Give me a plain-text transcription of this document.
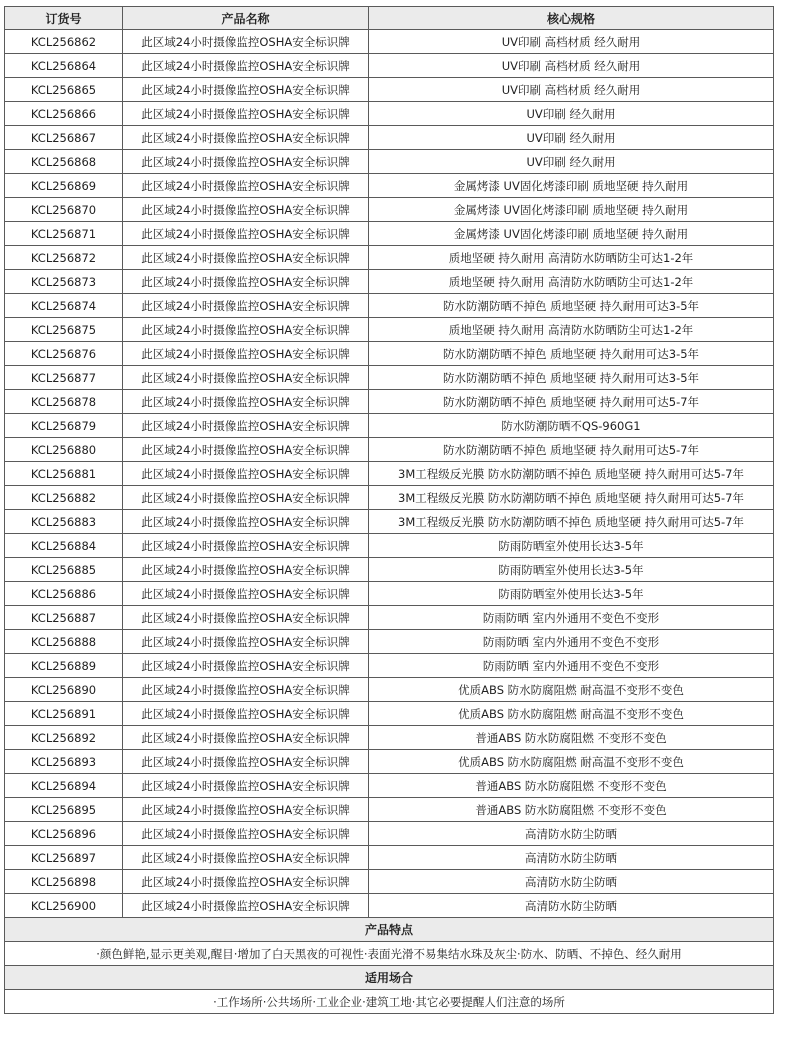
订货号	产品名称	核心规格
KCL256862	此区域24小时摄像监控OSHA安全标识牌	UV印刷 高档材质 经久耐用
KCL256864	此区域24小时摄像监控OSHA安全标识牌	UV印刷 高档材质 经久耐用
KCL256865	此区域24小时摄像监控OSHA安全标识牌	UV印刷 高档材质 经久耐用
KCL256866	此区域24小时摄像监控OSHA安全标识牌	UV印刷 经久耐用
KCL256867	此区域24小时摄像监控OSHA安全标识牌	UV印刷 经久耐用
KCL256868	此区域24小时摄像监控OSHA安全标识牌	UV印刷 经久耐用
KCL256869	此区域24小时摄像监控OSHA安全标识牌	金属烤漆 UV固化烤漆印刷 质地坚硬 持久耐用
KCL256870	此区域24小时摄像监控OSHA安全标识牌	金属烤漆 UV固化烤漆印刷 质地坚硬 持久耐用
KCL256871	此区域24小时摄像监控OSHA安全标识牌	金属烤漆 UV固化烤漆印刷 质地坚硬 持久耐用
KCL256872	此区域24小时摄像监控OSHA安全标识牌	质地坚硬 持久耐用 高清防水防晒防尘可达1-2年
KCL256873	此区域24小时摄像监控OSHA安全标识牌	质地坚硬 持久耐用 高清防水防晒防尘可达1-2年
KCL256874	此区域24小时摄像监控OSHA安全标识牌	防水防潮防晒不掉色 质地坚硬 持久耐用可达3-5年
KCL256875	此区域24小时摄像监控OSHA安全标识牌	质地坚硬 持久耐用 高清防水防晒防尘可达1-2年
KCL256876	此区域24小时摄像监控OSHA安全标识牌	防水防潮防晒不掉色 质地坚硬 持久耐用可达3-5年
KCL256877	此区域24小时摄像监控OSHA安全标识牌	防水防潮防晒不掉色 质地坚硬 持久耐用可达3-5年
KCL256878	此区域24小时摄像监控OSHA安全标识牌	防水防潮防晒不掉色 质地坚硬 持久耐用可达5-7年
KCL256879	此区域24小时摄像监控OSHA安全标识牌	防水防潮防晒不QS-960G1
KCL256880	此区域24小时摄像监控OSHA安全标识牌	防水防潮防晒不掉色 质地坚硬 持久耐用可达5-7年
KCL256881	此区域24小时摄像监控OSHA安全标识牌	3M工程级反光膜 防水防潮防晒不掉色 质地坚硬 持久耐用可达5-7年
KCL256882	此区域24小时摄像监控OSHA安全标识牌	3M工程级反光膜 防水防潮防晒不掉色 质地坚硬 持久耐用可达5-7年
KCL256883	此区域24小时摄像监控OSHA安全标识牌	3M工程级反光膜 防水防潮防晒不掉色 质地坚硬 持久耐用可达5-7年
KCL256884	此区域24小时摄像监控OSHA安全标识牌	防雨防晒室外使用长达3-5年
KCL256885	此区域24小时摄像监控OSHA安全标识牌	防雨防晒室外使用长达3-5年
KCL256886	此区域24小时摄像监控OSHA安全标识牌	防雨防晒室外使用长达3-5年
KCL256887	此区域24小时摄像监控OSHA安全标识牌	防雨防晒 室内外通用不变色不变形
KCL256888	此区域24小时摄像监控OSHA安全标识牌	防雨防晒 室内外通用不变色不变形
KCL256889	此区域24小时摄像监控OSHA安全标识牌	防雨防晒 室内外通用不变色不变形
KCL256890	此区域24小时摄像监控OSHA安全标识牌	优质ABS 防水防腐阻燃 耐高温不变形不变色
KCL256891	此区域24小时摄像监控OSHA安全标识牌	优质ABS 防水防腐阻燃 耐高温不变形不变色
KCL256892	此区域24小时摄像监控OSHA安全标识牌	普通ABS 防水防腐阻燃 不变形不变色
KCL256893	此区域24小时摄像监控OSHA安全标识牌	优质ABS 防水防腐阻燃 耐高温不变形不变色
KCL256894	此区域24小时摄像监控OSHA安全标识牌	普通ABS 防水防腐阻燃 不变形不变色
KCL256895	此区域24小时摄像监控OSHA安全标识牌	普通ABS 防水防腐阻燃 不变形不变色
KCL256896	此区域24小时摄像监控OSHA安全标识牌	高清防水防尘防晒
KCL256897	此区域24小时摄像监控OSHA安全标识牌	高清防水防尘防晒
KCL256898	此区域24小时摄像监控OSHA安全标识牌	高清防水防尘防晒
KCL256900	此区域24小时摄像监控OSHA安全标识牌	高清防水防尘防晒
产品特点		
·颜色鲜艳,显示更美观,醒目·增加了白天黑夜的可视性·表面光滑不易集结水珠及灰尘·防水、防晒、不掉色、经久耐用		
适用场合		
·工作场所·公共场所·工业企业·建筑工地·其它必要提醒人们注意的场所		
